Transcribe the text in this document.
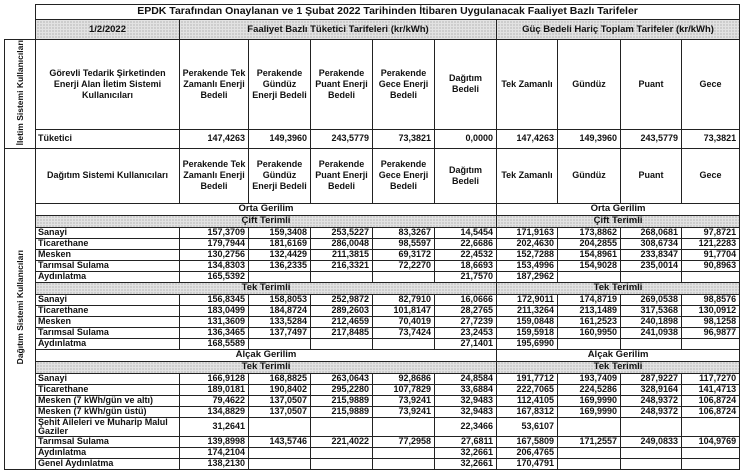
	EPDK Tarafından Onaylanan ve 1 Şubat 2022 Tarihinden İtibaren Uygulanacak Faaliyet Bazlı Tarifeler									
	1/2/2022	Faaliyet Bazlı Tüketici Tarifeleri (kr/kWh)					Güç Bedeli Hariç Toplam Tarifeler (kr/kWh)			
İletim Sistemi Kullanıcıları	Görevli Tedarik Şirketinden Enerji Alan İletim Sistemi Kullanıcıları	Perakende Tek Zamanlı Enerji Bedeli	Perakende Gündüz Enerji Bedeli	Perakende Puant Enerji Bedeli	Perakende Gece Enerji Bedeli	Dağıtım Bedeli	Tek Zamanlı	Gündüz	Puant	Gece
	Tüketici	147,4263	149,3960	243,5779	73,3821	0,0000	147,4263	149,3960	243,5779	73,3821
Dağıtım Sistemi Kullanıcıları	Dağıtım Sistemi Kullanıcıları	Perakende Tek Zamanlı Enerji Bedeli	Perakende Gündüz Enerji Bedeli	Perakende Puant Enerji Bedeli	Perakende Gece Enerji Bedeli	Dağıtım Bedeli	Tek Zamanlı	Gündüz	Puant	Gece
	Orta Gerilim						Orta Gerilim			
	Çift Terimli						Çift Terimli			
	Sanayi	157,3709	159,3408	253,5227	83,3267	14,5454	171,9163	173,8862	268,0681	97,8721
	Ticarethane	179,7944	181,6169	286,0048	98,5597	22,6686	202,4630	204,2855	308,6734	121,2283
	Mesken	130,2756	132,4429	211,3815	69,3172	22,4532	152,7288	154,8961	233,8347	91,7704
	Tarımsal Sulama	134,8303	136,2335	216,3321	72,2270	18,6693	153,4996	154,9028	235,0014	90,8963
	Aydınlatma	165,5392				21,7570	187,2962			
	Tek Terimli						Tek Terimli			
	Sanayi	156,8345	158,8053	252,9872	82,7910	16,0666	172,9011	174,8719	269,0538	98,8576
	Ticarethane	183,0499	184,8724	289,2603	101,8147	28,2765	211,3264	213,1489	317,5368	130,0912
	Mesken	131,3609	133,5284	212,4659	70,4019	27,7239	159,0848	161,2523	240,1898	98,1258
	Tarımsal Sulama	136,3465	137,7497	217,8485	73,7424	23,2453	159,5918	160,9950	241,0938	96,9877
	Aydınlatma	168,5589				27,1401	195,6990			
	Alçak Gerilim						Alçak Gerilim			
	Tek Terimli						Tek Terimli			
	Sanayi	166,9128	168,8825	263,0643	92,8686	24,8584	191,7712	193,7409	287,9227	117,7270
	Ticarethane	189,0181	190,8402	295,2280	107,7829	33,6884	222,7065	224,5286	328,9164	141,4713
	Mesken (7 kWh/gün ve altı)	79,4622	137,0507	215,9889	73,9241	32,9483	112,4105	169,9990	248,9372	106,8724
	Mesken (7 kWh/gün üstü)	134,8829	137,0507	215,9889	73,9241	32,9483	167,8312	169,9990	248,9372	106,8724
	Şehit Aileleri ve Muharip Malul Gaziler	31,2641				22,3466	53,6107			
	Tarımsal Sulama	139,8998	143,5746	221,4022	77,2958	27,6811	167,5809	171,2557	249,0833	104,9769
	Aydınlatma	174,2104				32,2661	206,4765			
	Genel Aydınlatma	138,2130				32,2661	170,4791			
